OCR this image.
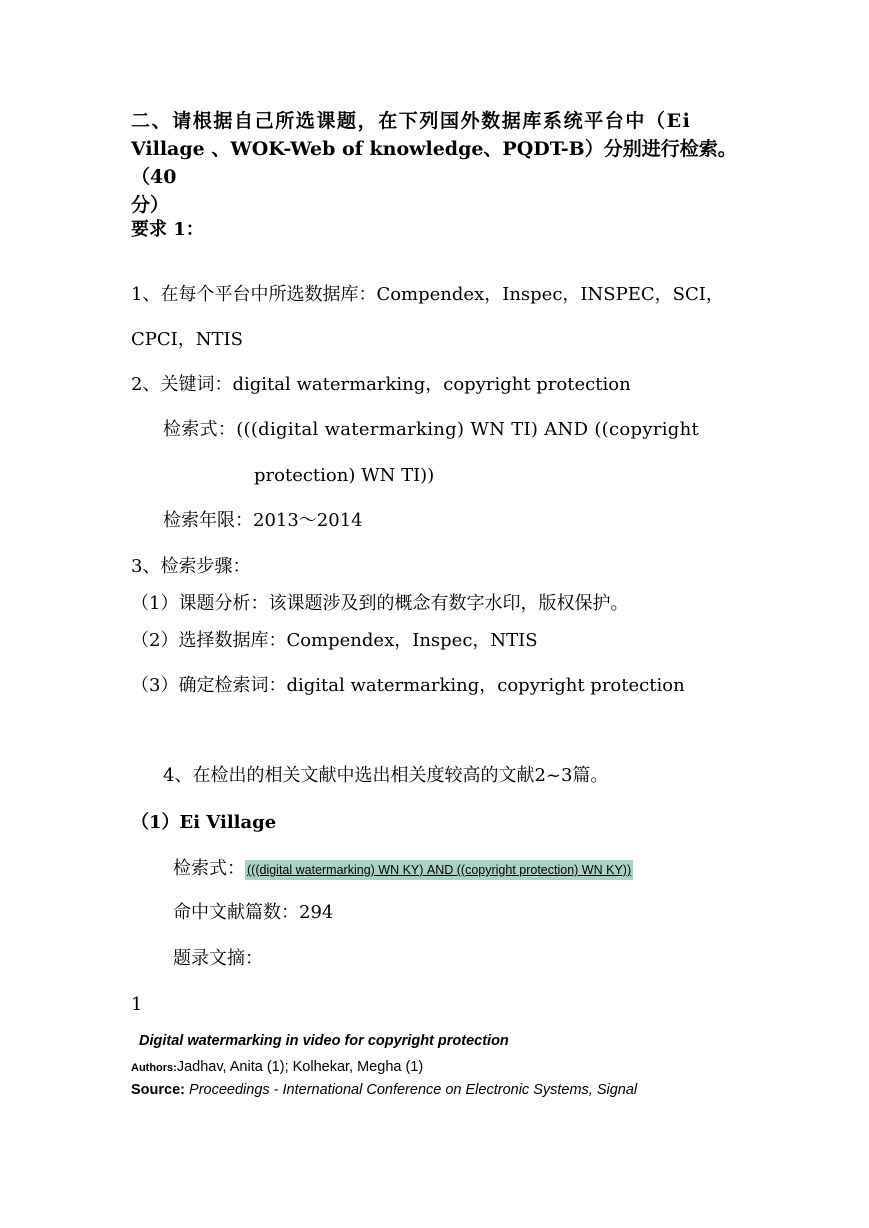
二、请根据自己所选课题，在下列国外数据库系统平台中（Ei
Village 、WOK-Web of knowledge、PQDT-B）分别进行检索。（40
分）
要求 1：
1、在每个平台中所选数据库：Compendex，Inspec，INSPEC，SCI，
CPCI，NTIS
2、关键词：digital watermarking，copyright protection
检索式：(((digital watermarking) WN TI) AND ((copyright
protection) WN TI))
检索年限：2013～2014
3、检索步骤：
（1）课题分析：该课题涉及到的概念有数字水印，版权保护。
（2）选择数据库：Compendex，Inspec，NTIS
（3）确定检索词：digital watermarking，copyright protection
4、在检出的相关文献中选出相关度较高的文献2~3篇。
（1）Ei Village
检索式： (((digital watermarking) WN KY) AND ((copyright protection) WN KY))
命中文献篇数：294
题录文摘：
1
Digital watermarking in video for copyright protection
Authors:Jadhav, Anita (1); Kolhekar, Megha (1)
Source: Proceedings - International Conference on Electronic Systems, Signal
